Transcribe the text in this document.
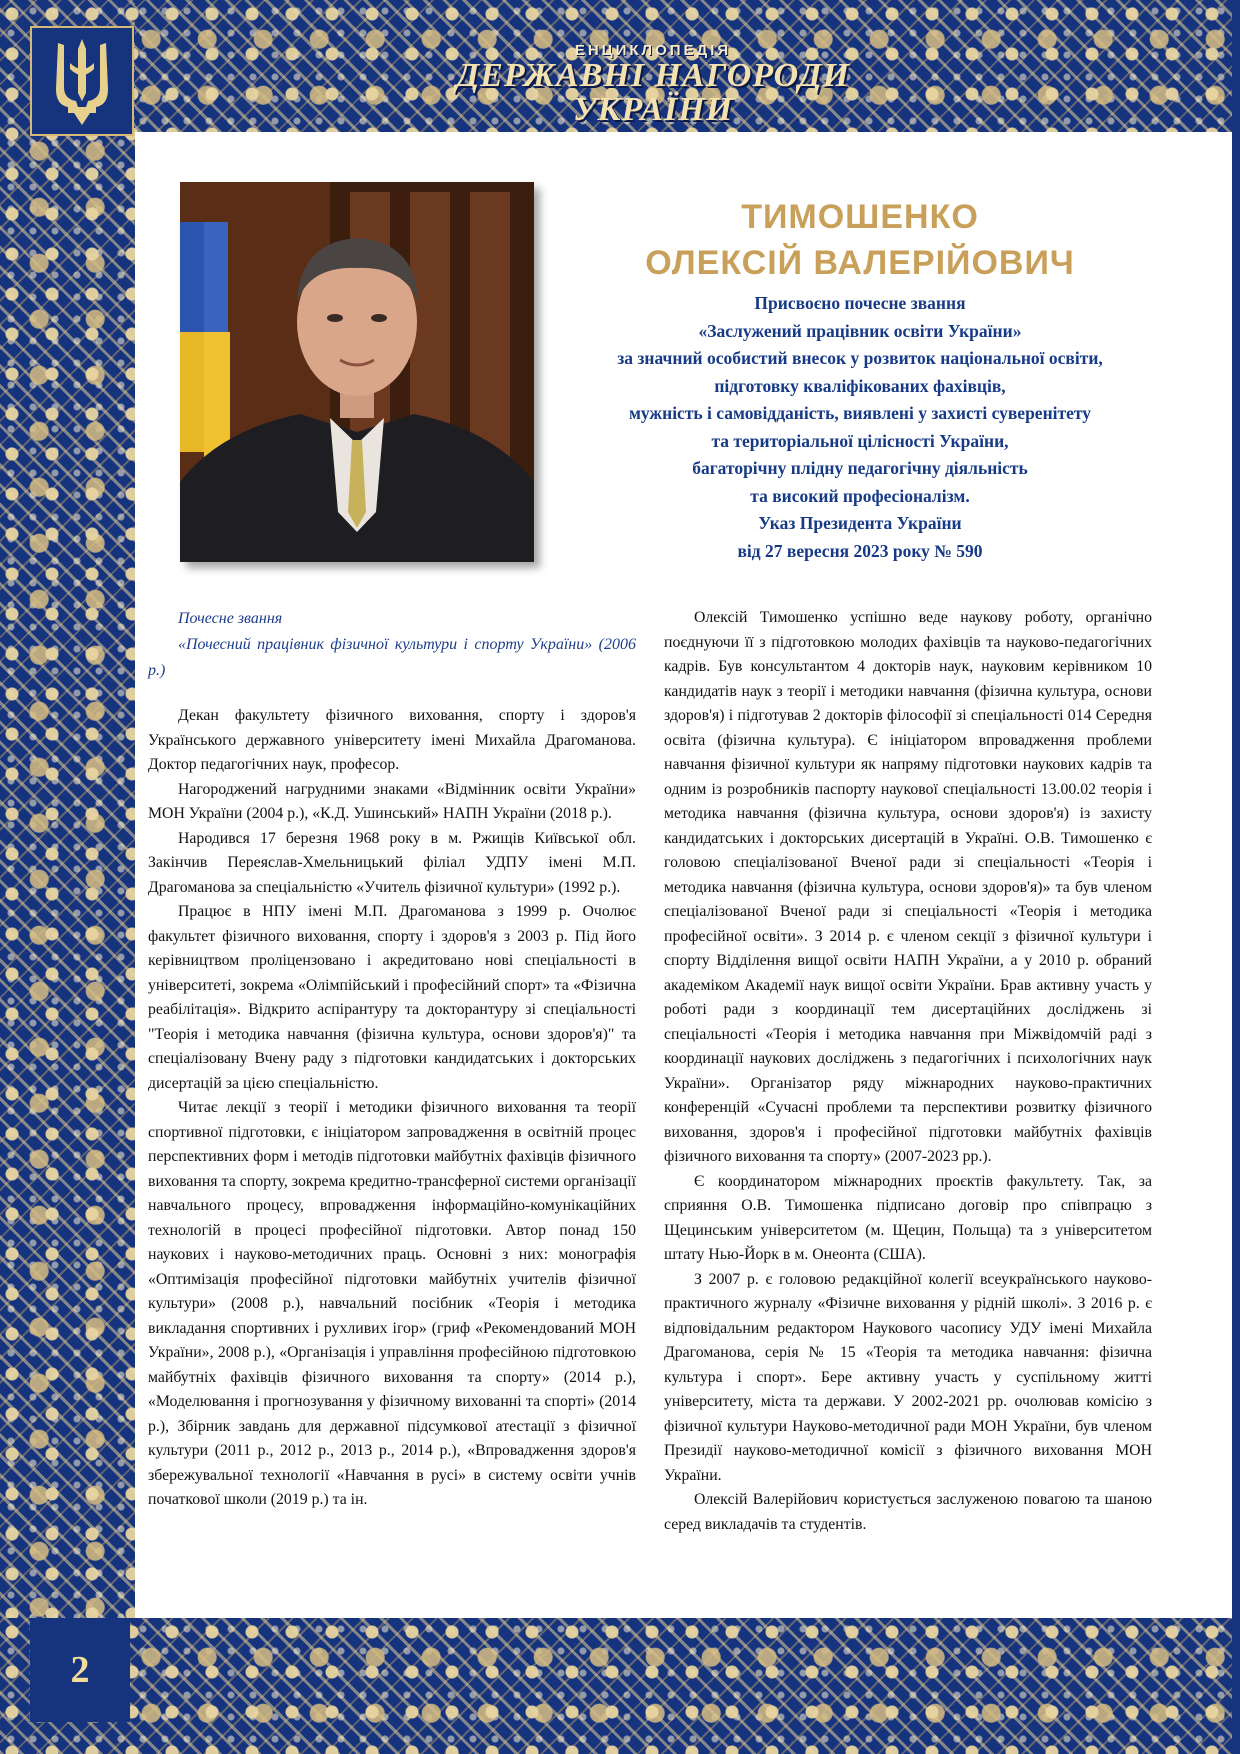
ЕНЦИКЛОПЕДІЯ
ДЕРЖАВНІ НАГОРОДИ
УКРАЇНИ
2
ТИМОШЕНКО
ОЛЕКСІЙ ВАЛЕРІЙОВИЧ
Присвоєно почесне звання
«Заслужений працівник освіти України»
за значний особистий внесок у розвиток національної освіти,
підготовку кваліфікованих фахівців,
мужність і самовідданість, виявлені у захисті суверенітету
та територіальної цілісності України,
багаторічну плідну педагогічну діяльність
та високий професіоналізм.
Указ Президента України
від 27 вересня 2023 року № 590

Почесне звання

«Почесний працівник фізичної культури і спорту України» (2006 р.)

Декан факультету фізичного виховання, спорту і здоров'я Українського державного університету імені Михайла Драгоманова. Доктор педагогічних наук, професор.

Нагороджений нагрудними знаками «Відмінник освіти України» МОН України (2004 р.), «К.Д. Ушинський» НАПН України (2018 р.).

Народився 17 березня 1968 року в м. Ржищів Київської обл. Закінчив Переяслав-Хмельницький філіал УДПУ імені М.П. Драгоманова за спеціальністю «Учитель фізичної культури» (1992 р.).

Працює в НПУ імені М.П. Драгоманова з 1999 р. Очолює факультет фізичного виховання, спорту і здоров'я з 2003 р. Під його керівництвом проліцензовано і акредитовано нові спеціальності в університеті, зокрема «Олімпійський і професійний спорт» та «Фізична реабілітація». Відкрито аспірантуру та докторантуру зі спеціальності "Теорія і методика навчання (фізична культура, основи здоров'я)" та спеціалізовану Вчену раду з підготовки кандидатських і докторських дисертацій за цією спеціальністю.

Читає лекції з теорії і методики фізичного виховання та теорії спортивної підготовки, є ініціатором запровадження в освітній процес перспективних форм і методів підготовки майбутніх фахівців фізичного виховання та спорту, зокрема кредитно-трансферної системи організації навчального процесу, впровадження інформаційно-комунікаційних технологій в процесі професійної підготовки. Автор понад 150 наукових і науково-методичних праць. Основні з них: монографія «Оптимізація професійної підготовки майбутніх учителів фізичної культури» (2008 р.), навчальний посібник «Теорія і методика викладання спортивних і рухливих ігор» (гриф «Рекомендований МОН України», 2008 р.), «Організація і управління професійною підготовкою майбутніх фахівців фізичного виховання та спорту» (2014 р.), «Моделювання і прогнозування у фізичному вихованні та спорті» (2014 р.), Збірник завдань для державної підсумкової атестації з фізичної культури (2011 р., 2012 р., 2013 р., 2014 р.), «Впровадження здоров'я збережувальної технології «Навчання в русі» в систему освіти учнів початкової школи (2019 р.) та ін.

Олексій Тимошенко успішно веде наукову роботу, органічно поєднуючи її з підготовкою молодих фахівців та науково-педагогічних кадрів. Був консультантом 4 докторів наук, науковим керівником 10 кандидатів наук з теорії і методики навчання (фізична культура, основи здоров'я) і підготував 2 докторів філософії зі спеціальності 014 Середня освіта (фізична культура). Є ініціатором впровадження проблеми навчання фізичної культури як напряму підготовки наукових кадрів та одним із розробників паспорту наукової спеціальності 13.00.02 теорія і методика навчання (фізична культура, основи здоров'я) із захисту кандидатських і докторських дисертацій в Україні. О.В. Тимошенко є головою спеціалізованої Вченої ради зі спеціальності «Теорія і методика навчання (фізична культура, основи здоров'я)» та був членом спеціалізованої Вченої ради зі спеціальності «Теорія і методика професійної освіти». З 2014 р. є членом секції з фізичної культури і спорту Відділення вищої освіти НАПН України, а у 2010 р. обраний академіком Академії наук вищої освіти України. Брав активну участь у роботі ради з координації тем дисертаційних досліджень зі спеціальності «Теорія і методика навчання при Міжвідомчій раді з координації наукових досліджень з педагогічних і психологічних наук України». Організатор ряду міжнародних науково-практичних конференцій «Сучасні проблеми та перспективи розвитку фізичного виховання, здоров'я і професійної підготовки майбутніх фахівців фізичного виховання та спорту» (2007-2023 рр.).

Є координатором міжнародних проєктів факультету. Так, за сприяння О.В. Тимошенка підписано договір про співпрацю з Щецинським університетом (м. Щецин, Польща) та з університетом штату Нью-Йорк в м. Онеонта (США).

З 2007 р. є головою редакційної колегії всеукраїнського науково-практичного журналу «Фізичне виховання у рідній школі». З 2016 р. є відповідальним редактором Наукового часопису УДУ імені Михайла Драгоманова, серія № 15 «Теорія та методика навчання: фізична культура і спорт». Бере активну участь у суспільному житті університету, міста та держави. У 2002-2021 рр. очолював комісію з фізичної культури Науково-методичної ради МОН України, був членом Президії науково-методичної комісії з фізичного виховання МОН України.

Олексій Валерійович користується заслуженою повагою та шаною серед викладачів та студентів.
